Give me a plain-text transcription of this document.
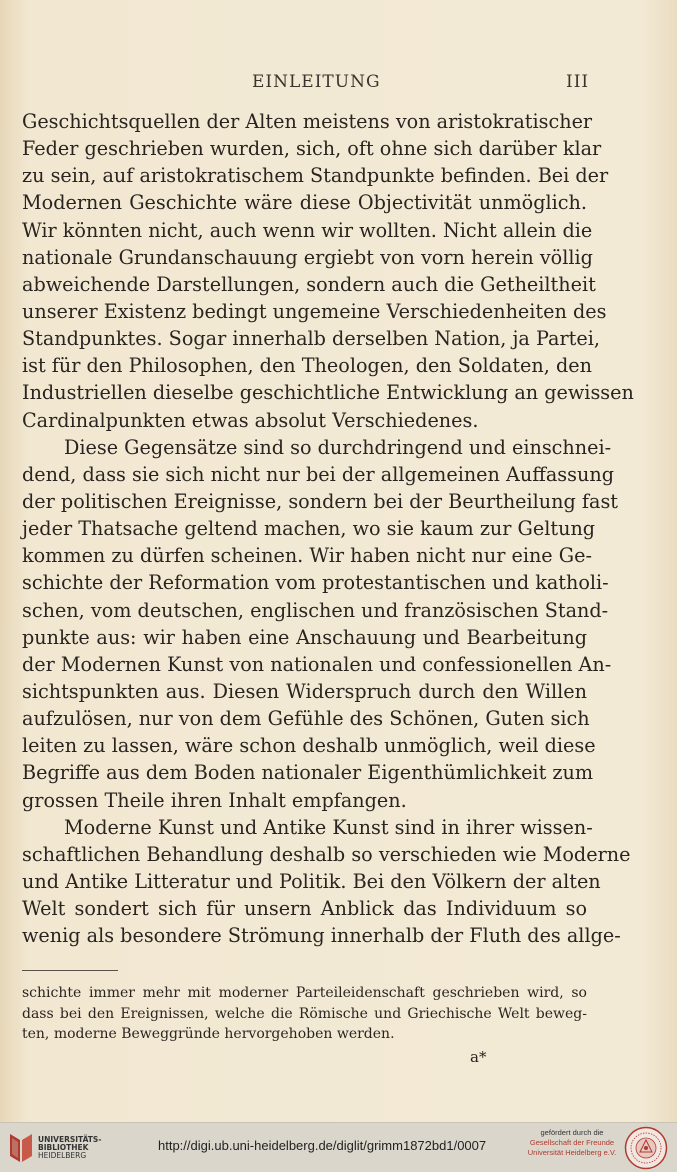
EINLEITUNG	III
Geschichtsquellen der Alten meistens von aristokratischer
Feder geschrieben wurden, sich, oft ohne sich darüber klar
zu sein, auf aristokratischem Standpunkte befinden. Bei der
Modernen Geschichte wäre diese Objectivität unmöglich.
Wir könnten nicht, auch wenn wir wollten. Nicht allein die
nationale Grundanschauung ergiebt von vorn herein völlig
abweichende Darstellungen, sondern auch die Getheiltheit
unserer Existenz bedingt ungemeine Verschiedenheiten des
Standpunktes. Sogar innerhalb derselben Nation, ja Partei,
ist für den Philosophen, den Theologen, den Soldaten, den
Industriellen dieselbe geschichtliche Entwicklung an gewissen
Cardinalpunkten etwas absolut Verschiedenes.
Diese Gegensätze sind so durchdringend und einschnei-
dend, dass sie sich nicht nur bei der allgemeinen Auffassung
der politischen Ereignisse, sondern bei der Beurtheilung fast
jeder Thatsache geltend machen, wo sie kaum zur Geltung
kommen zu dürfen scheinen. Wir haben nicht nur eine Ge-
schichte der Reformation vom protestantischen und katholi-
schen, vom deutschen, englischen und französischen Stand-
punkte aus: wir haben eine Anschauung und Bearbeitung
der Modernen Kunst von nationalen und confessionellen An-
sichtspunkten aus. Diesen Widerspruch durch den Willen
aufzulösen, nur von dem Gefühle des Schönen, Guten sich
leiten zu lassen, wäre schon deshalb unmöglich, weil diese
Begriffe aus dem Boden nationaler Eigenthümlichkeit zum
grossen Theile ihren Inhalt empfangen.
Moderne Kunst und Antike Kunst sind in ihrer wissen-
schaftlichen Behandlung deshalb so verschieden wie Moderne
und Antike Litteratur und Politik. Bei den Völkern der alten
Welt sondert sich für unsern Anblick das Individuum so
wenig als besondere Strömung innerhalb der Fluth des allge-
schichte immer mehr mit moderner Parteileidenschaft geschrieben wird, so
dass bei den Ereignissen, welche die Römische und Griechische Welt beweg-
ten, moderne Beweggründe hervorgehoben werden.
a*
UNIVERSITÄTS-
BIBLIOTHEK
HEIDELBERG
http://digi.ub.uni-heidelberg.de/diglit/grimm1872bd1/0007
gefördert durch die
Gesellschaft der Freunde
Universität Heidelberg e.V.
